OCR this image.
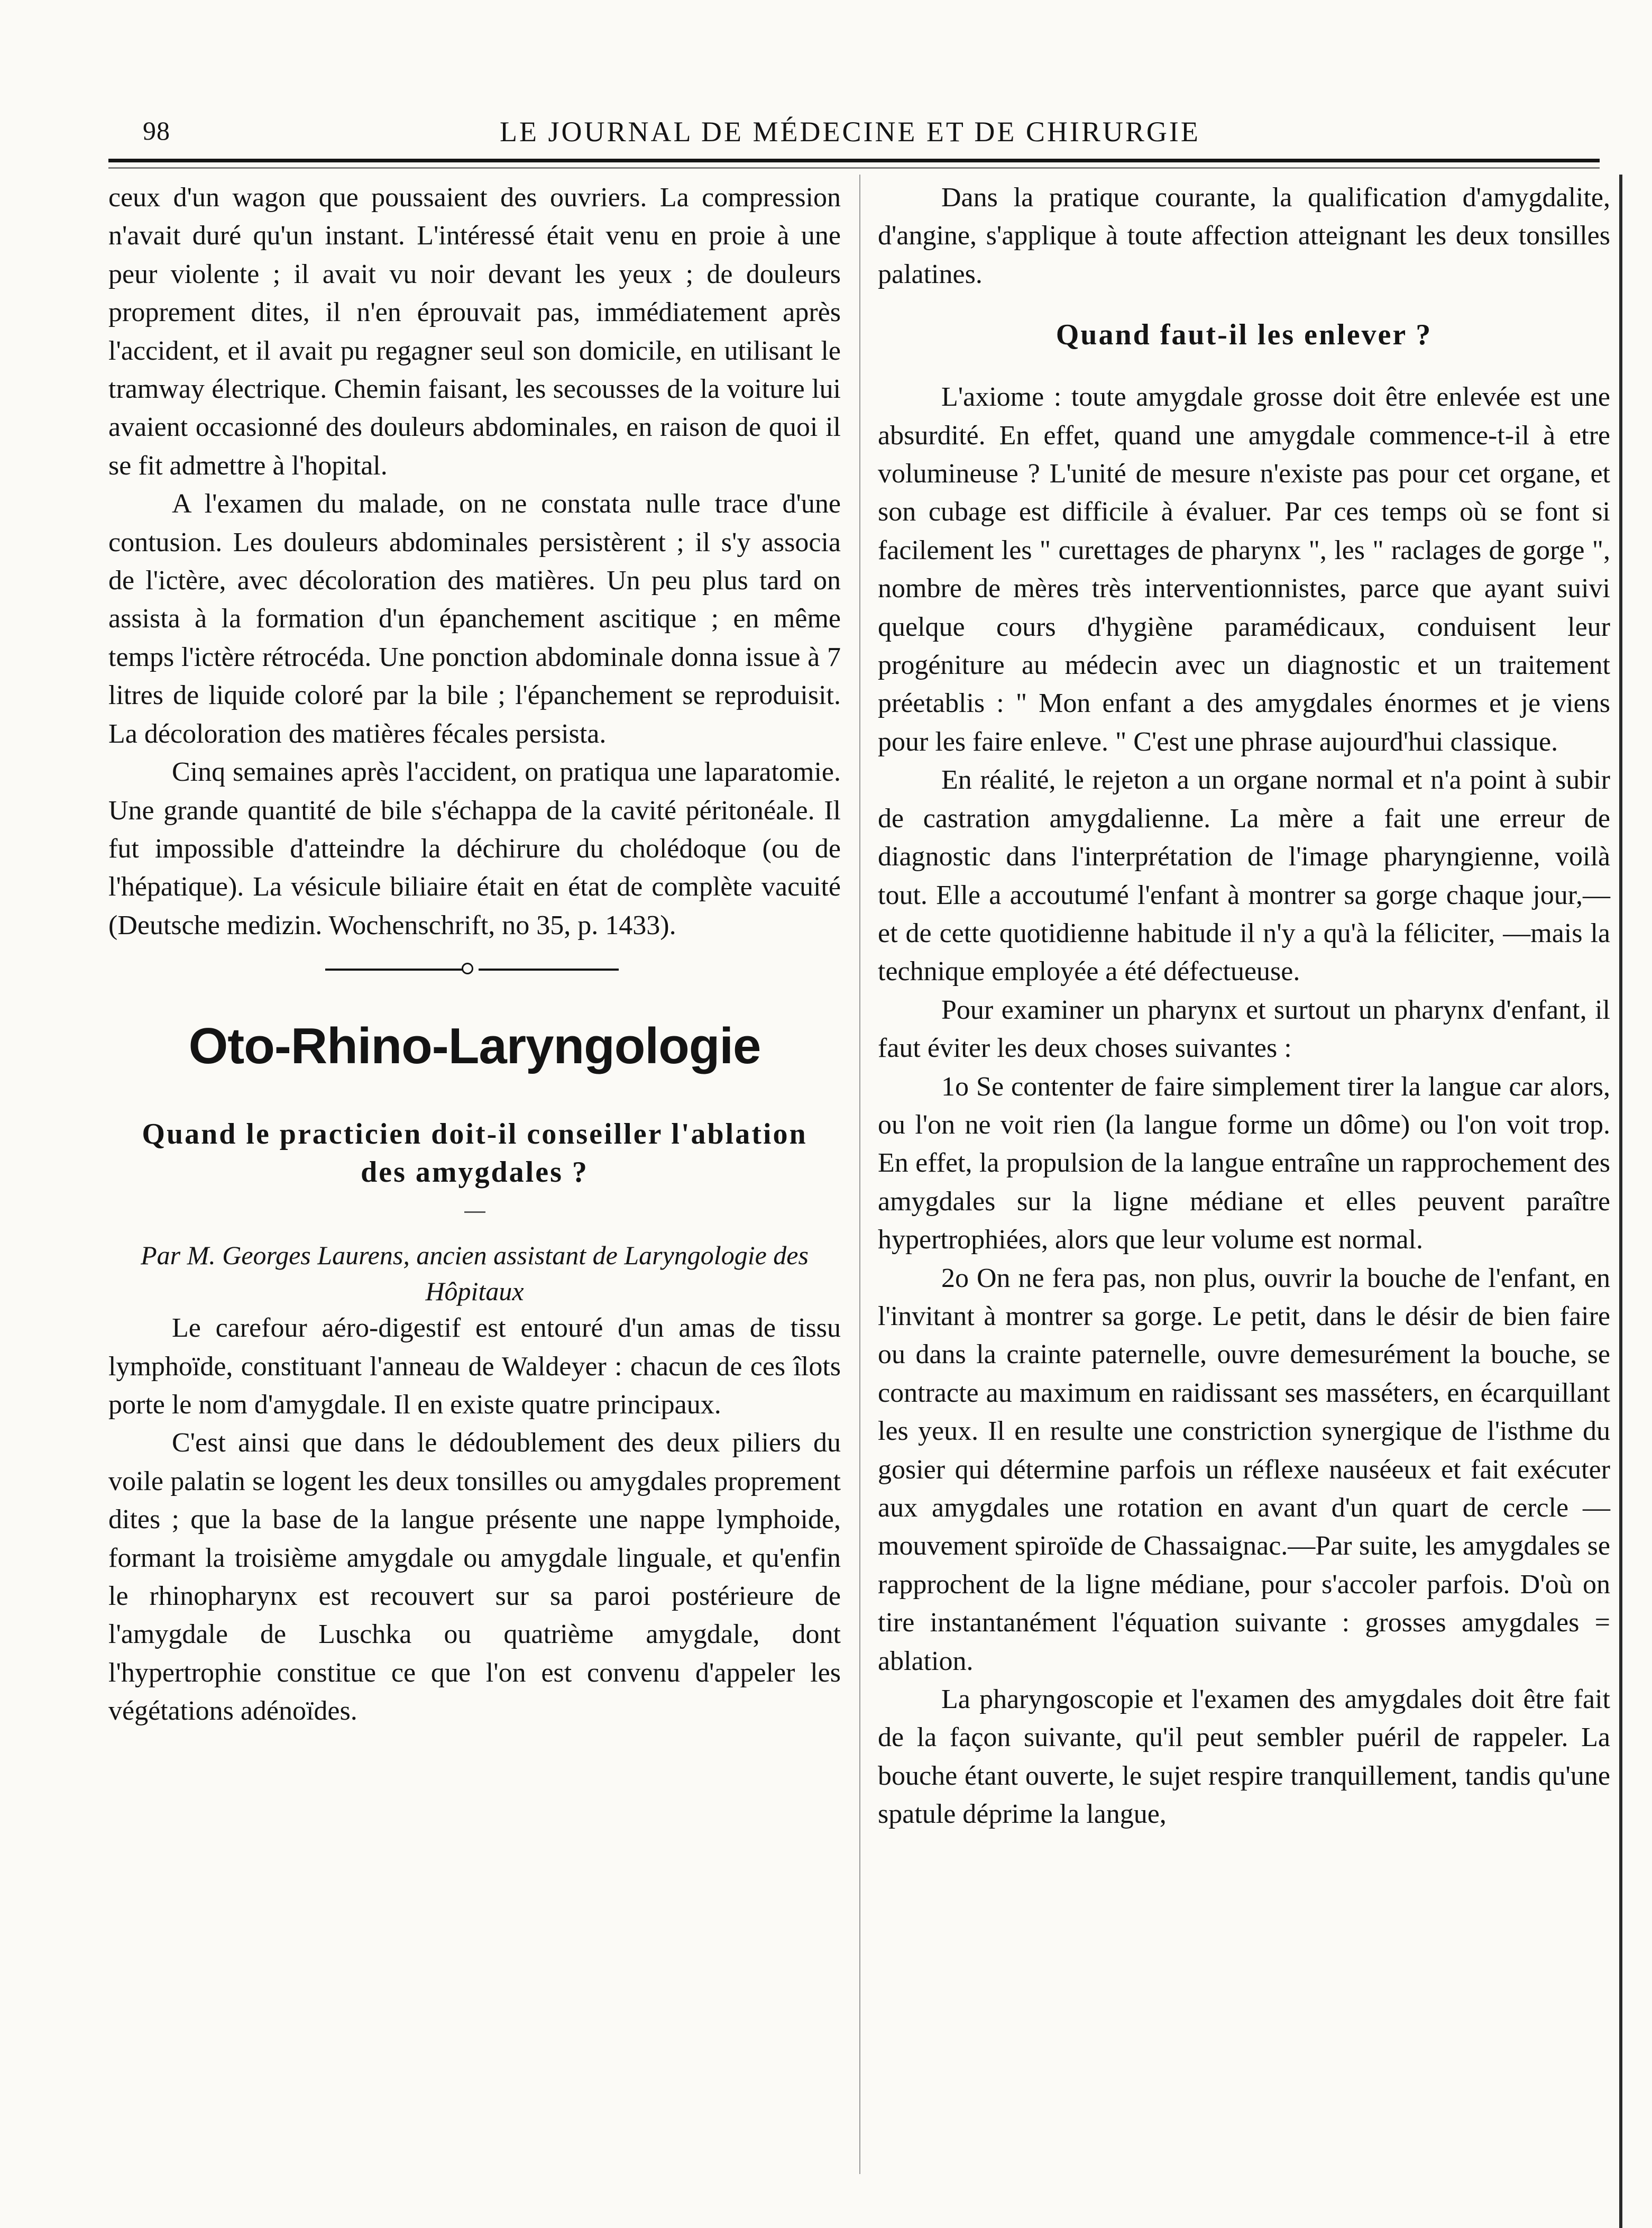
98	LE JOURNAL DE MÉDECINE ET DE CHIRURGIE

ceux d'un wagon que poussaient des ouvriers. La compression n'avait duré qu'un instant. L'intéressé était venu en proie à une peur violente ; il avait vu noir devant les yeux ; de douleurs proprement dites, il n'en éprouvait pas, immédiatement après l'accident, et il avait pu regagner seul son domicile, en utilisant le tramway électrique. Chemin faisant, les secousses de la voiture lui avaient occasionné des douleurs abdominales, en raison de quoi il se fit admettre à l'hopital.

A l'examen du malade, on ne constata nulle trace d'une contusion. Les douleurs abdominales persistèrent ; il s'y associa de l'ictère, avec décoloration des matières. Un peu plus tard on assista à la formation d'un épanchement ascitique ; en même temps l'ictère rétrocéda. Une ponction abdominale donna issue à 7 litres de liquide coloré par la bile ; l'épanchement se reproduisit. La décoloration des matières fécales persista.

Cinq semaines après l'accident, on pratiqua une laparatomie. Une grande quantité de bile s'échappa de la cavité péritonéale. Il fut impossible d'atteindre la déchirure du cholédoque (ou de l'hépatique). La vésicule biliaire était en état de complète vacuité (Deutsche medizin. Wochenschrift, no 35, p. 1433).

Oto-Rhino-Laryngologie
Quand le practicien doit-il conseiller l'ablation des amygdales ?

Par M. Georges Laurens, ancien assistant de Laryngologie des Hôpitaux

Le carefour aéro-digestif est entouré d'un amas de tissu lymphoïde, constituant l'anneau de Waldeyer : chacun de ces îlots porte le nom d'amygdale. Il en existe quatre principaux.

C'est ainsi que dans le dédoublement des deux piliers du voile palatin se logent les deux tonsilles ou amygdales proprement dites ; que la base de la langue présente une nappe lymphoide, formant la troisième amygdale ou amygdale linguale, et qu'enfin le rhinopharynx est recouvert sur sa paroi postérieure de l'amygdale de Luschka ou quatrième amygdale, dont l'hypertrophie constitue ce que l'on est convenu d'appeler les végétations adénoïdes.

Dans la pratique courante, la qualification d'amygdalite, d'angine, s'applique à toute affection atteignant les deux tonsilles palatines.

Quand faut-il les enlever ?

L'axiome : toute amygdale grosse doit être enlevée est une absurdité. En effet, quand une amygdale commence-t-il à etre volumineuse ? L'unité de mesure n'existe pas pour cet organe, et son cubage est difficile à évaluer. Par ces temps où se font si facilement les " curettages de pharynx ", les " raclages de gorge ", nombre de mères très interventionnistes, parce que ayant suivi quelque cours d'hygiène paramédicaux, conduisent leur progéniture au médecin avec un diagnostic et un traitement préetablis : " Mon enfant a des amygdales énormes et je viens pour les faire enleve. " C'est une phrase aujourd'hui classique.

En réalité, le rejeton a un organe normal et n'a point à subir de castration amygdalienne. La mère a fait une erreur de diagnostic dans l'interprétation de l'image pharyngienne, voilà tout. Elle a accoutumé l'enfant à montrer sa gorge chaque jour,—et de cette quotidienne habitude il n'y a qu'à la féliciter, —mais la technique employée a été défectueuse.

Pour examiner un pharynx et surtout un pharynx d'enfant, il faut éviter les deux choses suivantes :

1o Se contenter de faire simplement tirer la langue car alors, ou l'on ne voit rien (la langue forme un dôme) ou l'on voit trop. En effet, la propulsion de la langue entraîne un rapprochement des amygdales sur la ligne médiane et elles peuvent paraître hypertrophiées, alors que leur volume est normal.

2o On ne fera pas, non plus, ouvrir la bouche de l'enfant, en l'invitant à montrer sa gorge. Le petit, dans le désir de bien faire ou dans la crainte paternelle, ouvre demesurément la bouche, se contracte au maximum en raidissant ses masséters, en écarquillant les yeux. Il en resulte une constriction synergique de l'isthme du gosier qui détermine parfois un réflexe nauséeux et fait exécuter aux amygdales une rotation en avant d'un quart de cercle —mouvement spiroïde de Chassaignac.—Par suite, les amygdales se rapprochent de la ligne médiane, pour s'accoler parfois. D'où on tire instantanément l'équation suivante : grosses amygdales = ablation.

La pharyngoscopie et l'examen des amygdales doit être fait de la façon suivante, qu'il peut sembler puéril de rappeler. La bouche étant ouverte, le sujet respire tranquillement, tandis qu'une spatule déprime la langue,
